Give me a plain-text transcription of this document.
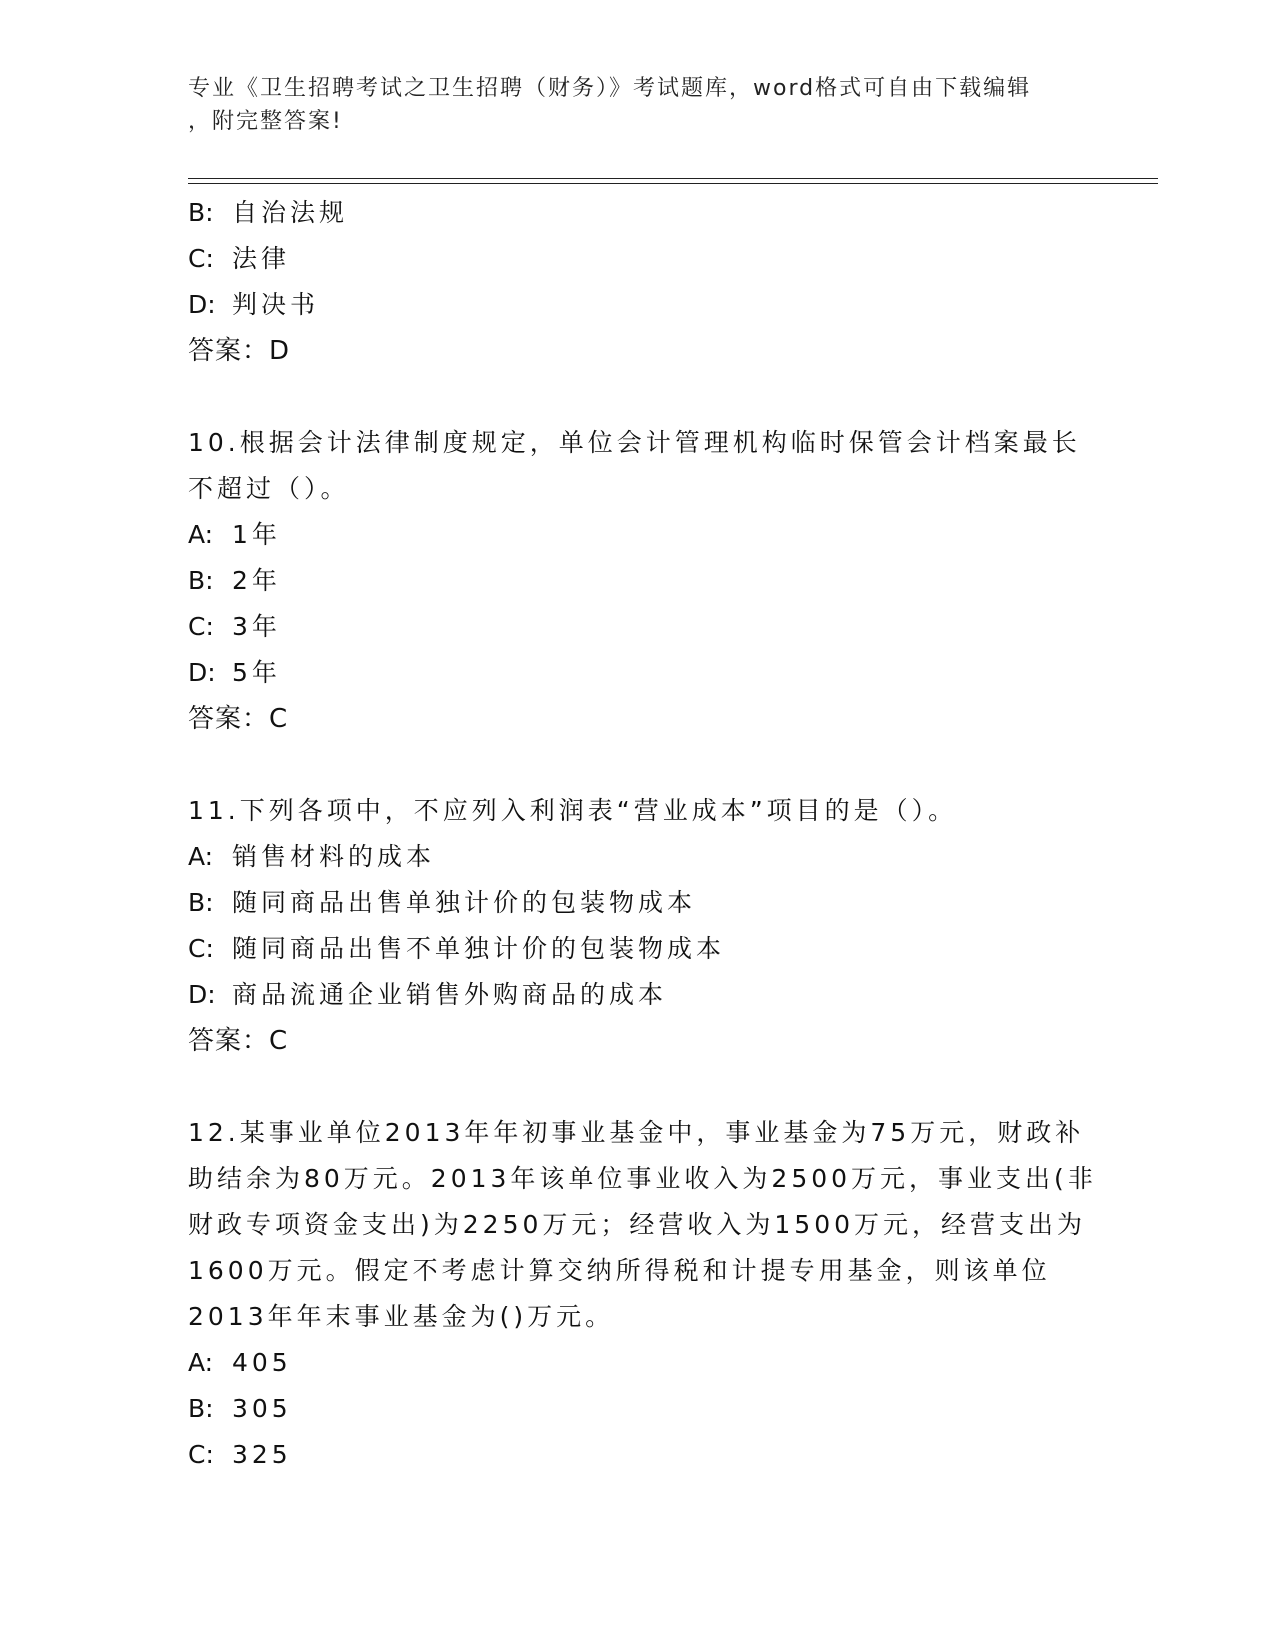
专业《卫生招聘考试之卫生招聘（财务）》考试题库，word格式可自由下载编辑
，附完整答案!
B: 自治法规
C: 法律
D: 判决书
答案：D
10.根据会计法律制度规定，单位会计管理机构临时保管会计档案最长
不超过（）。
A: 1年
B: 2年
C: 3年
D: 5年
答案：C
11.下列各项中，不应列入利润表“营业成本”项目的是（）。
A: 销售材料的成本
B: 随同商品出售单独计价的包装物成本
C: 随同商品出售不单独计价的包装物成本
D: 商品流通企业销售外购商品的成本
答案：C
12.某事业单位2013年年初事业基金中，事业基金为75万元，财政补
助结余为80万元。2013年该单位事业收入为2500万元，事业支出(非
财政专项资金支出)为2250万元；经营收入为1500万元，经营支出为
1600万元。假定不考虑计算交纳所得税和计提专用基金，则该单位
2013年年末事业基金为()万元。
A: 405
B: 305
C: 325
